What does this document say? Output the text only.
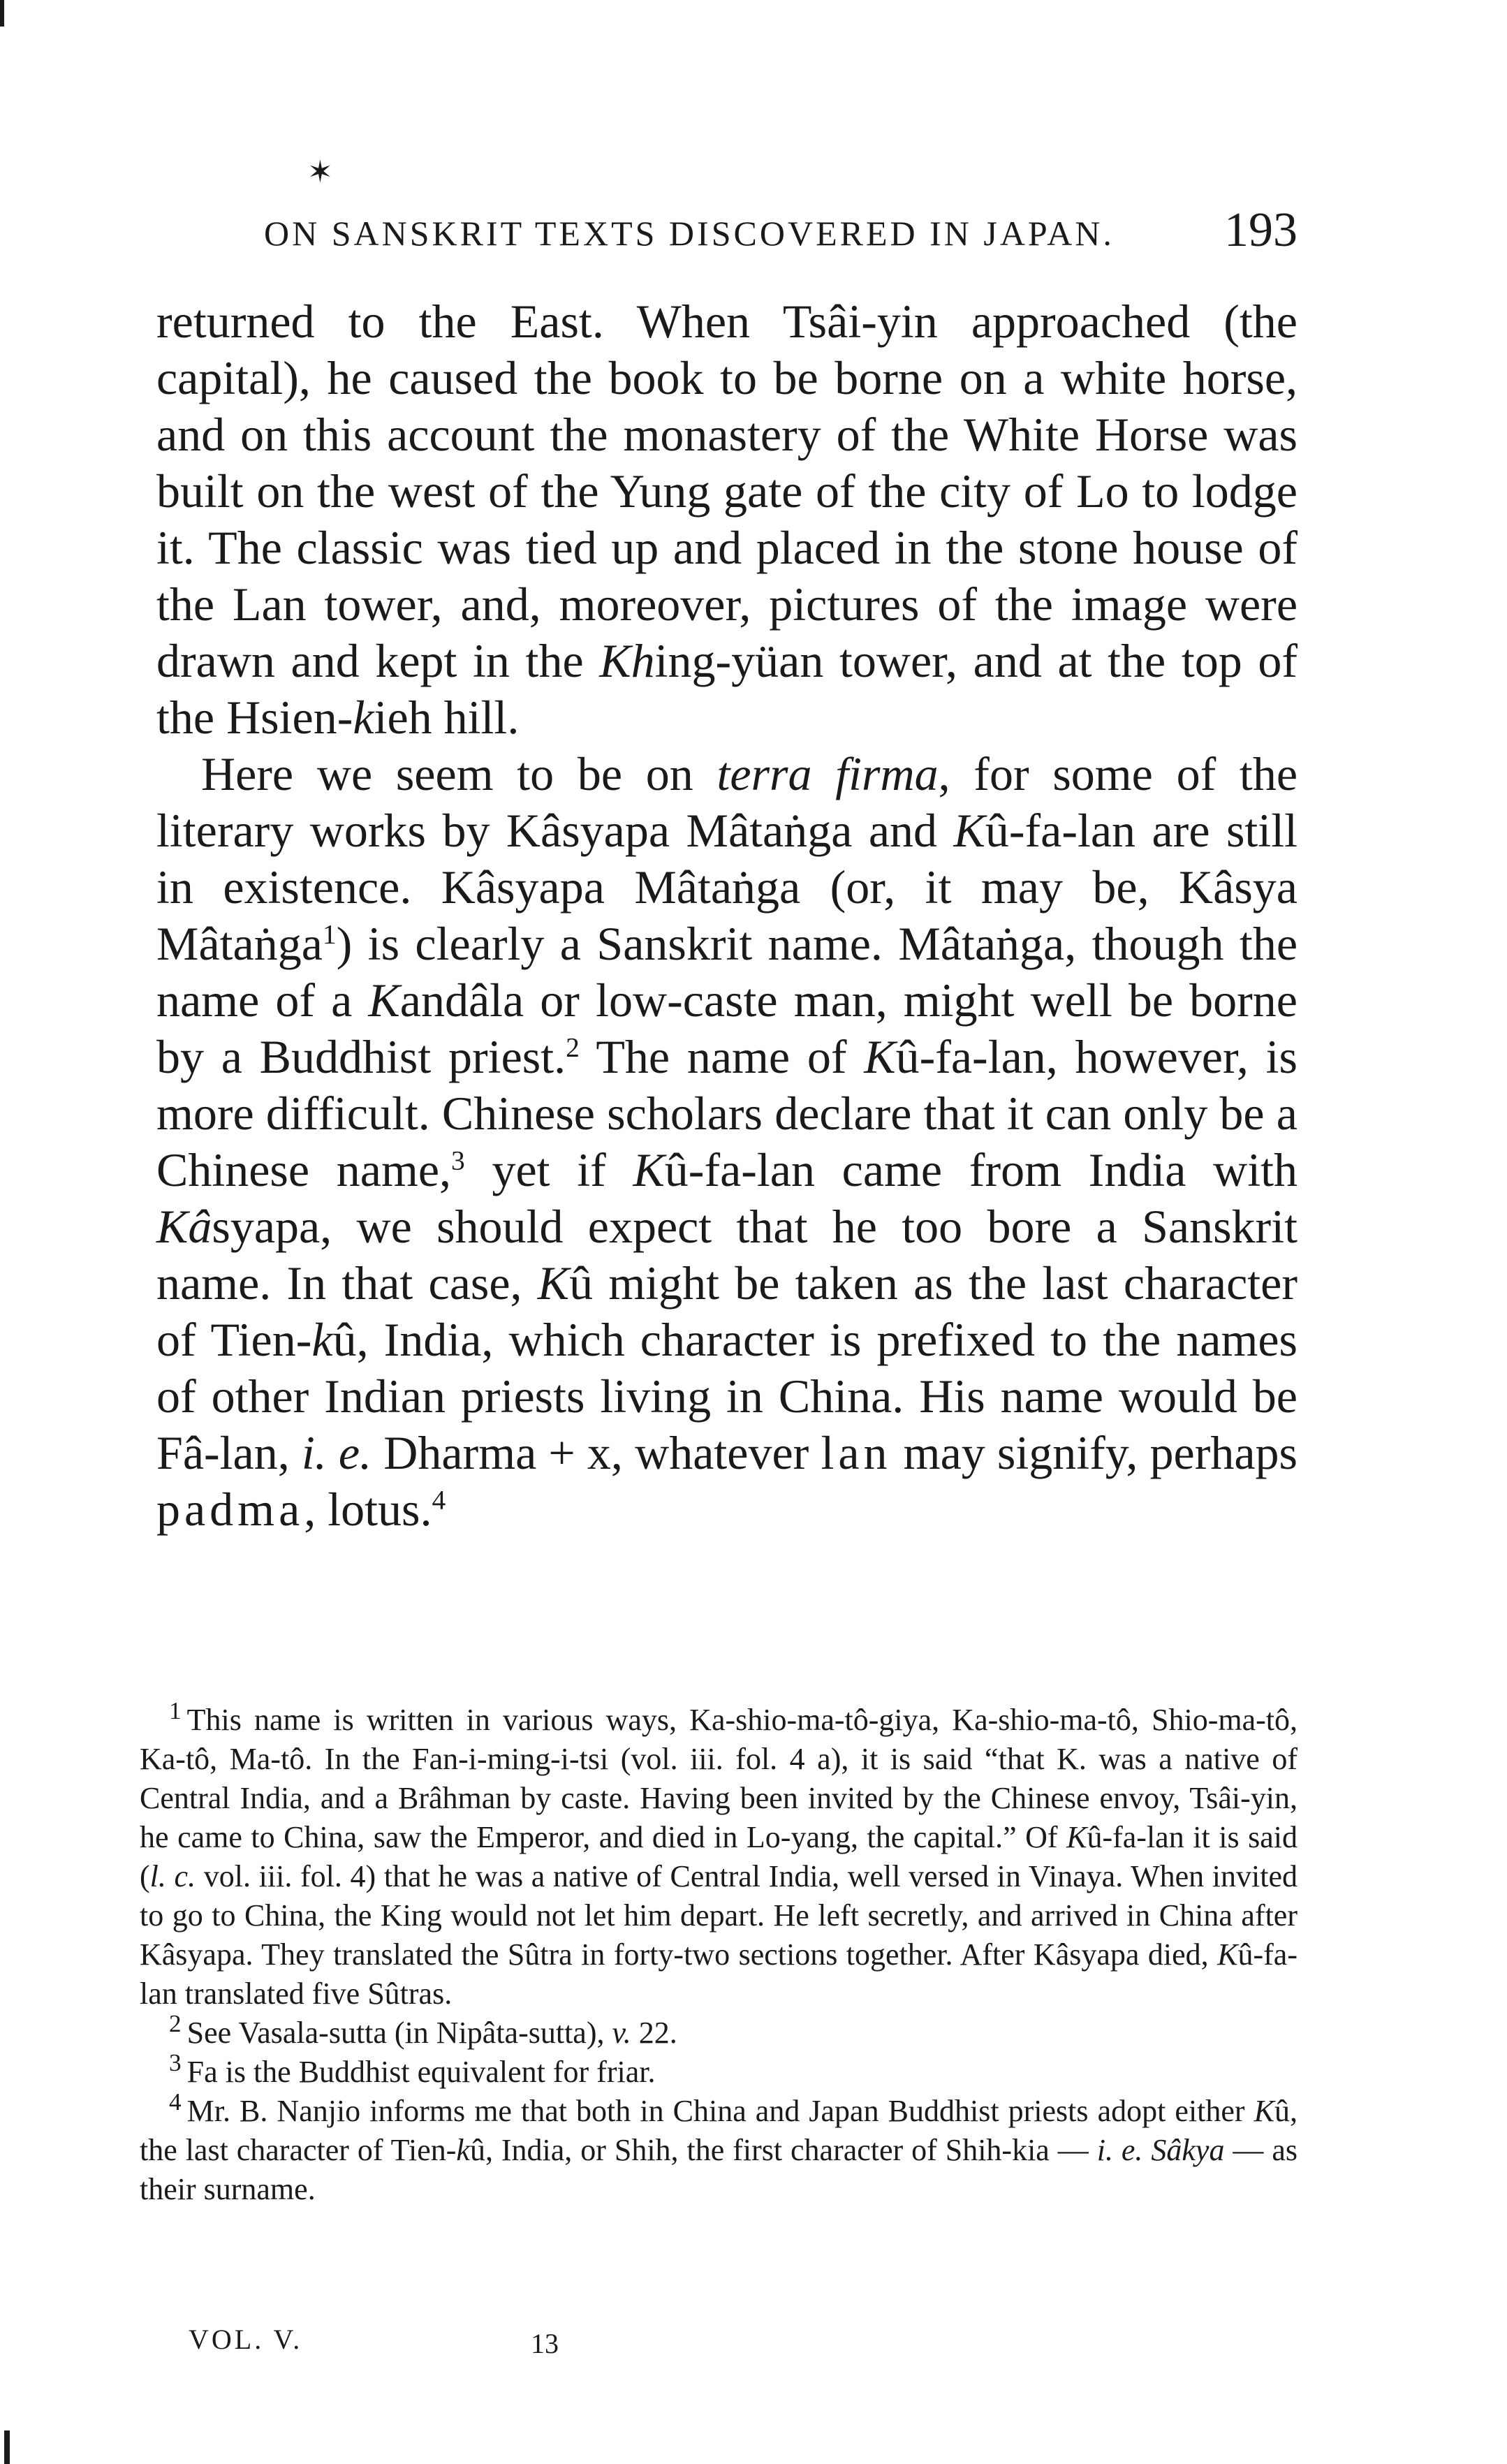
✶
ON SANSKRIT TEXTS DISCOVERED IN JAPAN. 193

returned to the East. When Tsâi-yin approached (the capital), he caused the book to be borne on a white horse, and on this account the monastery of the White Horse was built on the west of the Yung gate of the city of Lo to lodge it. The classic was tied up and placed in the stone house of the Lan tower, and, moreover, pictures of the image were drawn and kept in the Khing-yüan tower, and at the top of the Hsien-kieh hill.

Here we seem to be on terra firma, for some of the literary works by Kâsyapa Mâtaṅga and Kû-fa-lan are still in existence. Kâsyapa Mâtaṅga (or, it may be, Kâsya Mâtaṅga$^1$) is clearly a Sanskrit name. Mâtaṅga, though the name of a Kandâla or low-caste man, might well be borne by a Buddhist priest.$^2$ The name of Kû-fa-lan, however, is more difficult. Chinese scholars declare that it can only be a Chinese name,$^3$ yet if Kû-fa-lan came from India with Kâsyapa, we should expect that he too bore a Sanskrit name. In that case, Kû might be taken as the last character of Tien-kû, India, which character is prefixed to the names of other Indian priests living in China. His name would be Fâ-lan, i. e. Dharma + x, whatever lan may signify, perhaps padma, lotus.$^4$

$^1$ This name is written in various ways, Ka-shio-ma-tô-giya, Ka-shio-ma-tô, Shio-ma-tô, Ka-tô, Ma-tô. In the Fan-i-ming-i-tsi (vol. iii. fol. 4 a), it is said “that K. was a native of Central India, and a Brâhman by caste. Having been invited by the Chinese envoy, Tsâi-yin, he came to China, saw the Emperor, and died in Lo-yang, the capital.” Of Kû-fa-lan it is said (l. c. vol. iii. fol. 4) that he was a native of Central India, well versed in Vinaya. When invited to go to China, the King would not let him depart. He left secretly, and arrived in China after Kâsyapa. They translated the Sûtra in forty-two sections together. After Kâsyapa died, Kû-fa-lan translated five Sûtras.

$^2$ See Vasala-sutta (in Nipâta-sutta), v. 22.

$^3$ Fa is the Buddhist equivalent for friar.

$^4$ Mr. B. Nanjio informs me that both in China and Japan Buddhist priests adopt either Kû, the last character of Tien-kû, India, or Shih, the first character of Shih-kia — i. e. Sâkya — as their surname.

VOL. V.	13
